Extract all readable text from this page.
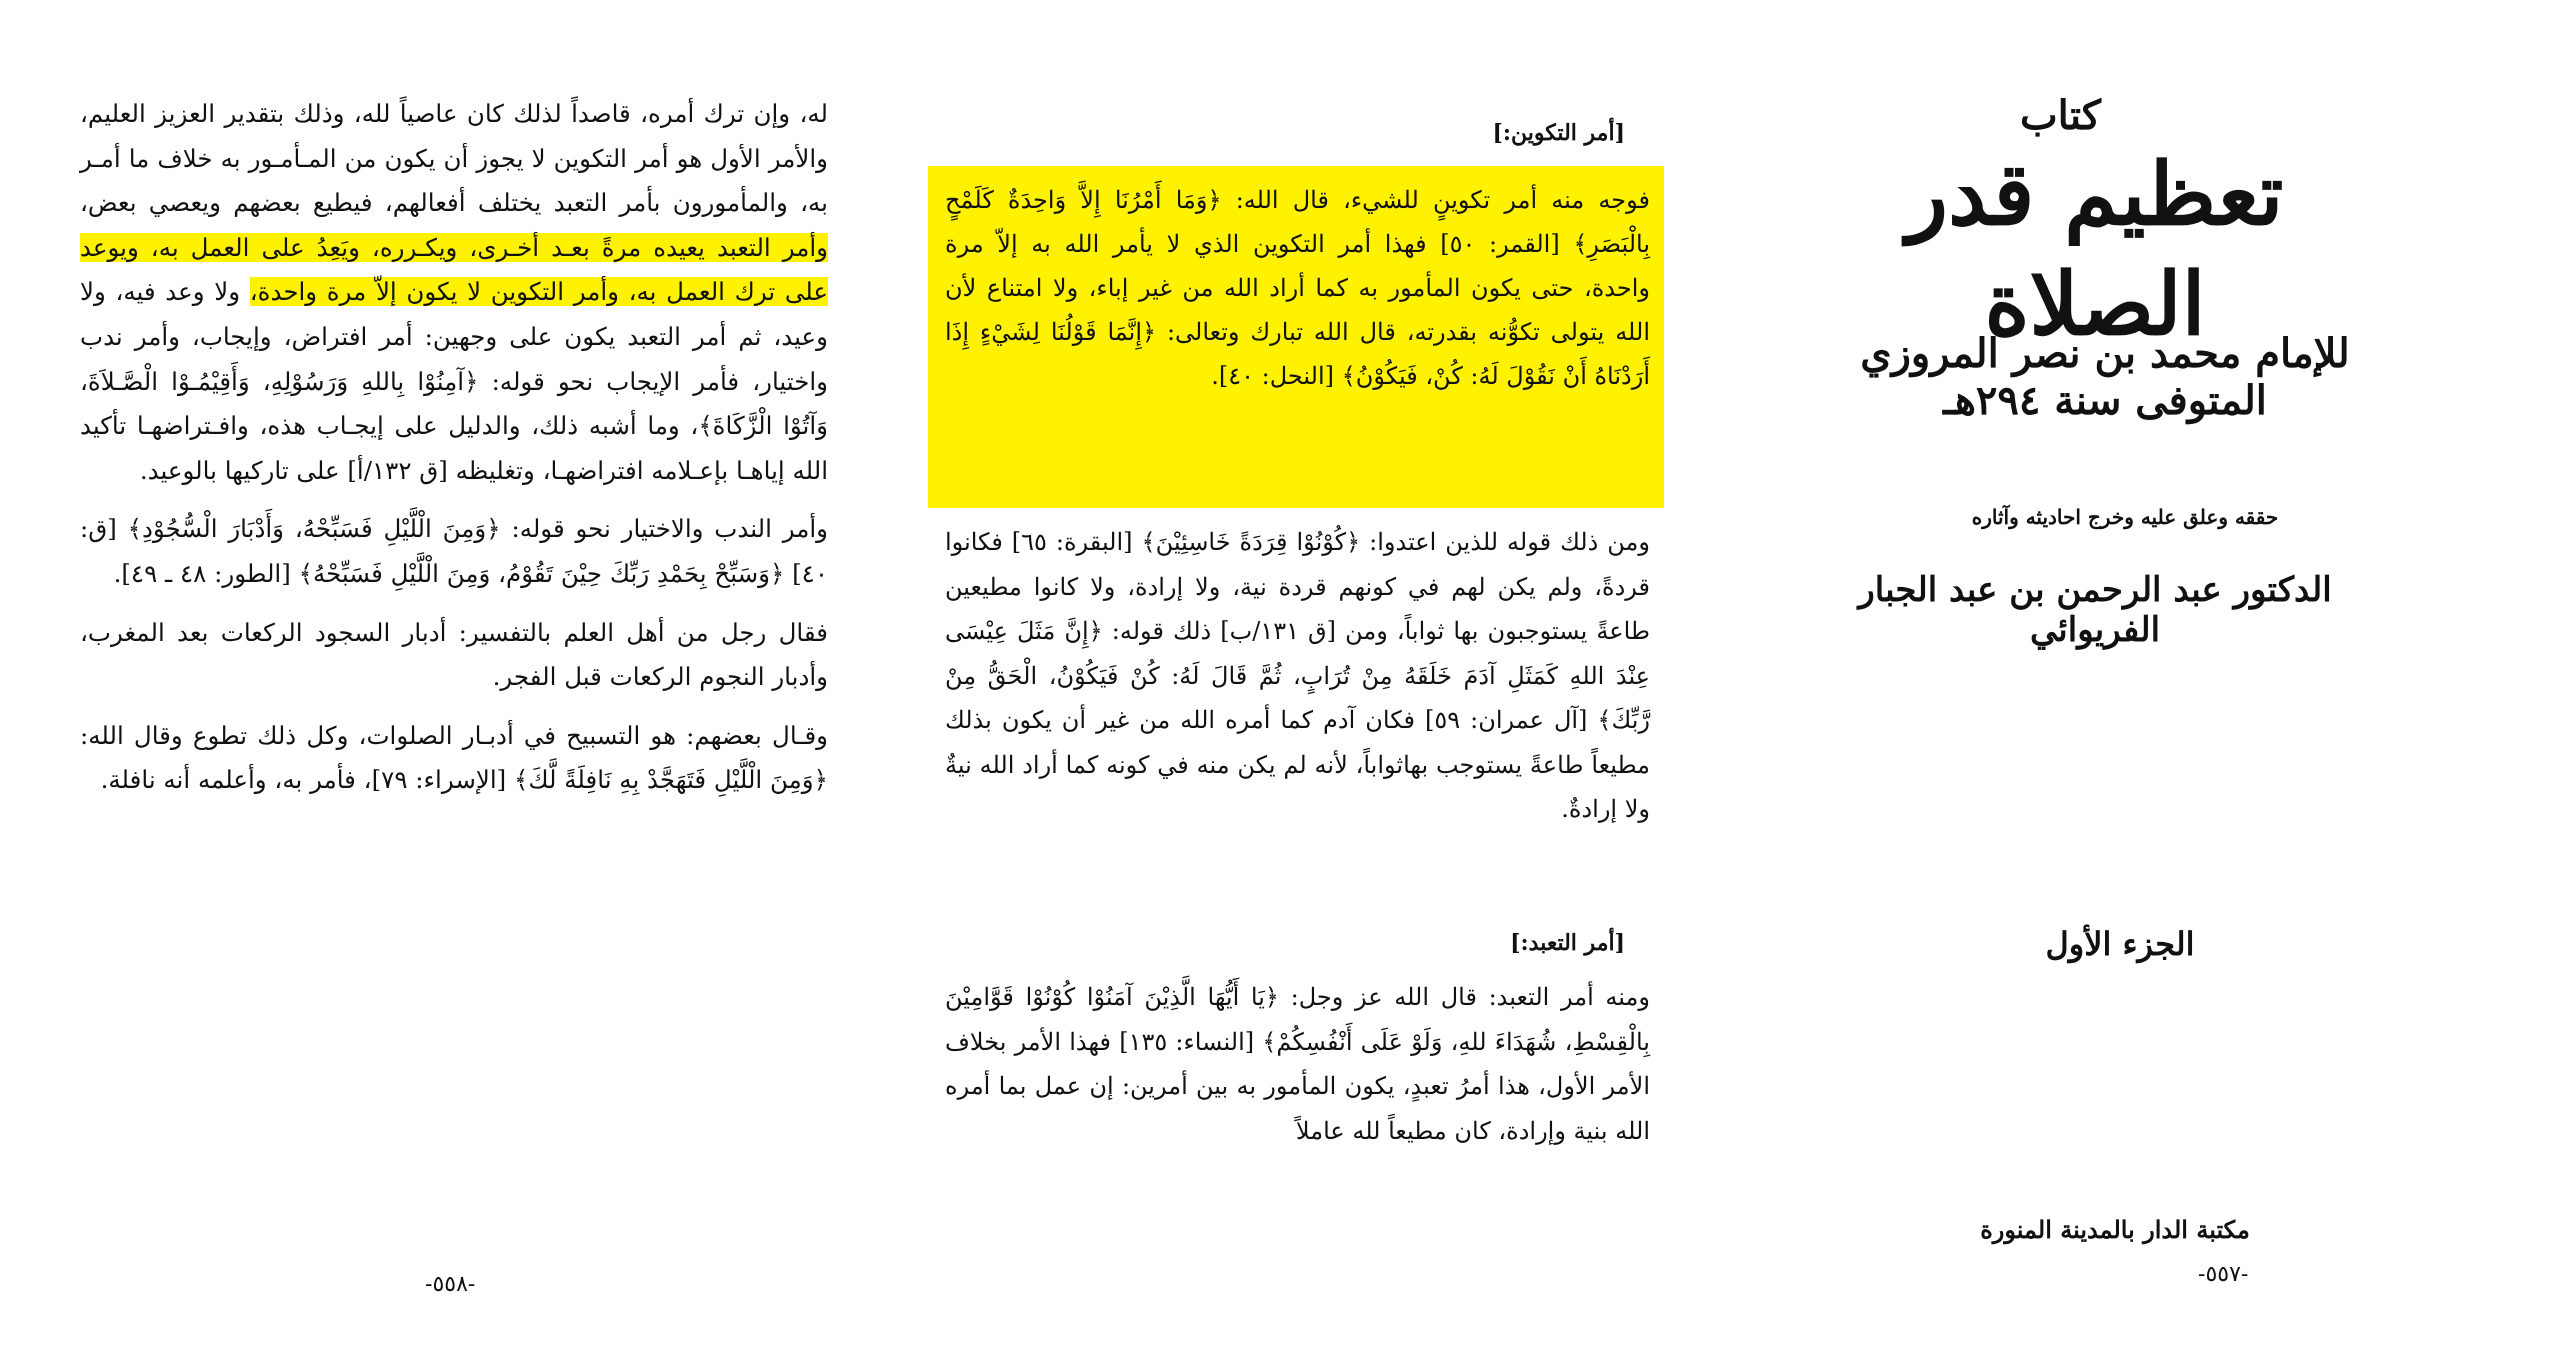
له، وإن ترك أمره، قاصداً لذلك كان عاصياً لله، وذلك بتقدير العزيز العليم، والأمر الأول هو أمر التكوين لا يجوز أن يكون من المـأمـور به خلاف ما أمـر به، والمأمورون بأمر التعبد يختلف أفعالهم، فيطيع بعضهم ويعصي بعض، وأمر التعبد يعيده مرةً بعـد أخـرى، ويكـرره، ويَعِدُ على العمل به، ويوعد على ترك العمل به، وأمر التكوين لا يكون إلاّ مرة واحدة، ولا وعد فيه، ولا وعيد، ثم أمر التعبد يكون على وجهين: أمر افتراض، وإيجاب، وأمر ندب واختيار، فأمر الإيجاب نحو قوله: ﴿آمِنُوْا بِاللهِ وَرَسُوْلِهِ، وَأَقِيْمُـوْا الْصَّـلاَةَ، وَآتُوْا الْزَّكَاةَ﴾، وما أشبه ذلك، والدليل على إيجـاب هذه، وافـتراضهـا تأكيد الله إياهـا بإعـلامه افتراضهـا، وتغليظه [ق ١٣٢/أ] على تاركيها بالوعيد.

وأمر الندب والاختيار نحو قوله: ﴿وَمِنَ الْلَّيْلِ فَسَبِّحْهُ، وَأَدْبَارَ الْسُّجُوْدِ﴾ [ق: ٤٠] ﴿وَسَبِّحْ بِحَمْدِ رَبِّكَ حِيْنَ تَقُوْمُ، وَمِنَ الْلَّيْلِ فَسَبِّحْهُ﴾ [الطور: ٤٨ ـ ٤٩].

فقال رجل من أهل العلم بالتفسير: أدبار السجود الركعات بعد المغرب، وأدبار النجوم الركعات قبل الفجر.

وقـال بعضهم: هو التسبيح في أدبـار الصلوات، وكل ذلك تطوع وقال الله: ﴿وَمِنَ الْلَّيْلِ فَتَهَجَّدْ بِهِ نَافِلَةً لَّكَ﴾ [الإسراء: ٧٩]، فأمر به، وأعلمه أنه نافلة.

-٥٥٨-
[أمر التكوين:]
فوجه منه أمر تكوينٍ للشيء، قال الله: ﴿وَمَا أَمْرُنَا إِلاَّ وَاحِدَةٌ كَلَمْحٍ بِالْبَصَرِ﴾ [القمر: ٥٠] فهذا أمر التكوين الذي لا يأمر الله به إلاّ مرة واحدة، حتى يكون المأمور به كما أراد الله من غير إباء، ولا امتناع لأن الله يتولى تكوُّنه بقدرته، قال الله تبارك وتعالى: ﴿إِنَّمَا قَوْلُنَا لِشَيْءٍ إِذَا أَرَدْنَاهُ أَنْ نَقُوْلَ لَهُ: كُنْ، فَيَكُوْنُ﴾ [النحل: ٤٠].
ومن ذلك قوله للذين اعتدوا: ﴿كُوْنُوْا قِرَدَةً خَاسِئِيْنَ﴾ [البقرة: ٦٥] فكانوا قردةً، ولم يكن لهم في كونهم قردة نية، ولا إرادة، ولا كانوا مطيعين طاعةً يستوجبون بها ثواباً، ومن [ق ١٣١/ب] ذلك قوله: ﴿إِنَّ مَثَلَ عِيْسَى عِنْدَ اللهِ كَمَثَلِ آدَمَ خَلَقَهُ مِنْ تُرَابٍ، ثُمَّ قَالَ لَهُ: كُنْ فَيَكُوْنُ، الْحَقُّ مِنْ رَّبِّكَ﴾ [آل عمران: ٥٩] فكان آدم كما أمره الله من غير أن يكون بذلك مطيعاً طاعةً يستوجب بهاثواباً، لأنه لم يكن منه في كونه كما أراد الله نيةٌ ولا إرادةٌ.
[أمر التعبد:]
ومنه أمر التعبد: قال الله عز وجل: ﴿يَا أَيُّهَا الَّذِيْنَ آمَنُوْا كُوْنُوْا قَوَّامِيْنَ بِالْقِسْطِ، شُهَدَاءَ للهِ، وَلَوْ عَلَى أَنْفُسِكُمْ﴾ [النساء: ١٣٥] فهذا الأمر بخلاف الأمر الأول، هذا أمرُ تعبدٍ، يكون المأمور به بين أمرين: إن عمل بما أمره الله بنية وإرادة، كان مطيعاً لله عاملاً
-٥٥٧-
كتاب
تعظيم قدر الصلاة
للإمام محمد بن نصر المروزي المتوفى سنة ٢٩٤هـ
حققه وعلق عليه وخرج احاديثه وآثاره
الدكتور عبد الرحمن بن عبد الجبار الفريوائي
الجزء الأول
مكتبة الدار بالمدينة المنورة
